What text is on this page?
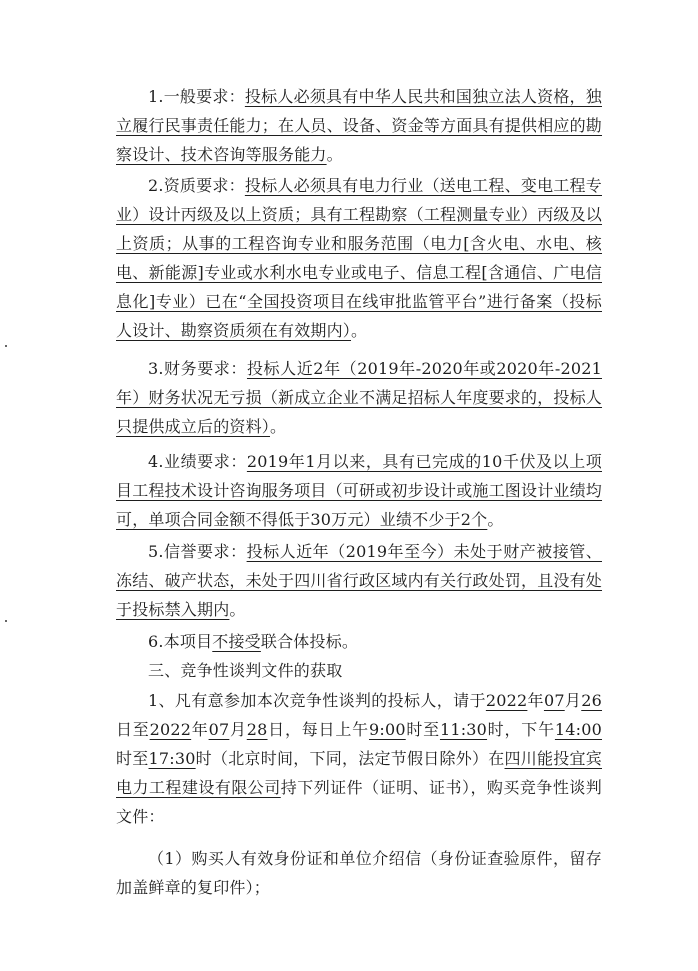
1.一般要求：投标人必须具有中华人民共和国独立法人资格，独立履行民事责任能力；在人员、设备、资金等方面具有提供相应的勘察设计、技术咨询等服务能力。

2.资质要求：投标人必须具有电力行业（送电工程、变电工程专业）设计丙级及以上资质；具有工程勘察（工程测量专业）丙级及以上资质；从事的工程咨询专业和服务范围（电力[含火电、水电、核电、新能源]专业或水利水电专业或电子、信息工程[含通信、广电信息化]专业）已在“全国投资项目在线审批监管平台”进行备案（投标人设计、勘察资质须在有效期内）。

3.财务要求：投标人近2年（2019年-2020年或2020年-2021年）财务状况无亏损（新成立企业不满足招标人年度要求的，投标人只提供成立后的资料）。

4.业绩要求：2019年1月以来，具有已完成的10千伏及以上项目工程技术设计咨询服务项目（可研或初步设计或施工图设计业绩均可，单项合同金额不得低于30万元）业绩不少于2个。

5.信誉要求：投标人近年（2019年至今）未处于财产被接管、冻结、破产状态，未处于四川省行政区域内有关行政处罚，且没有处于投标禁入期内。

6.本项目不接受联合体投标。

三、竞争性谈判文件的获取

1、凡有意参加本次竞争性谈判的投标人，请于2022年07月26日至2022年07月28日，每日上午9:00时至11:30时，下午14:00时至17:30时（北京时间，下同，法定节假日除外）在四川能投宜宾电力工程建设有限公司持下列证件（证明、证书），购买竞争性谈判文件：

（1）购买人有效身份证和单位介绍信（身份证查验原件，留存加盖鲜章的复印件）；
